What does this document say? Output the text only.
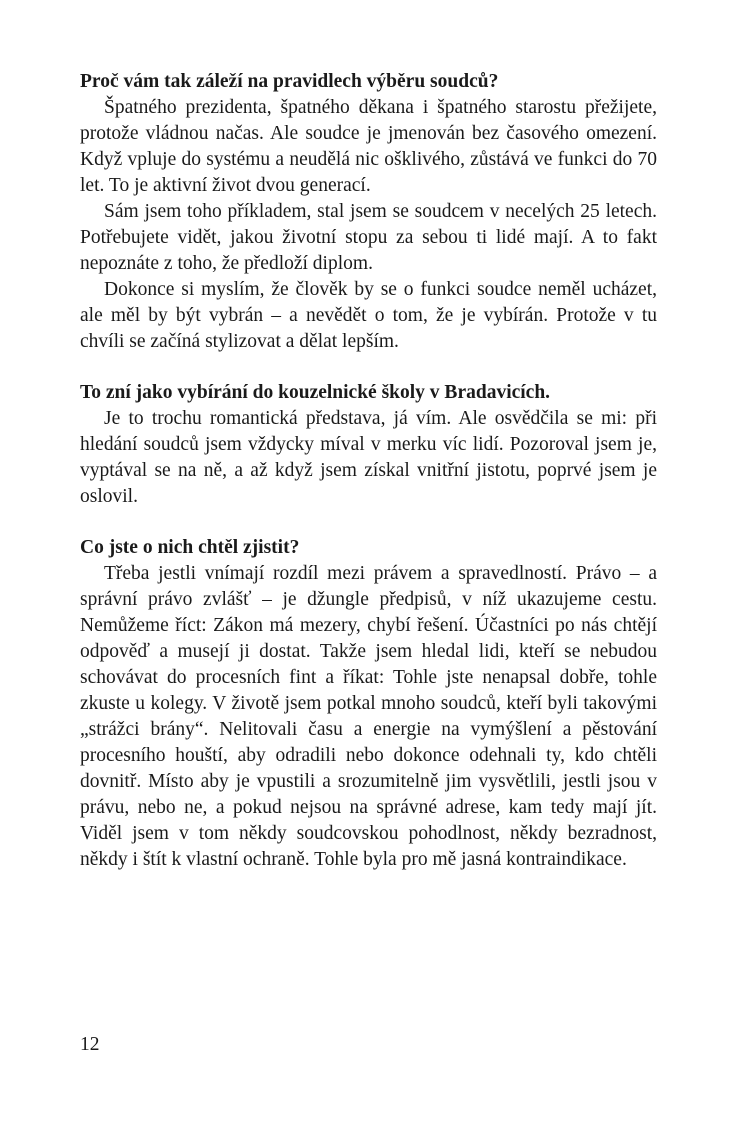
Proč vám tak záleží na pravidlech výběru soudců?

Špatného prezidenta, špatného děkana i špatného starostu přežijete, protože vládnou načas. Ale soudce je jmenován bez časového omezení. Když vpluje do systému a neudělá nic ošklivého, zůstává ve funkci do 70 let. To je aktivní život dvou generací.

Sám jsem toho příkladem, stal jsem se soudcem v necelých 25 letech. Potřebujete vidět, jakou životní stopu za sebou ti lidé mají. A to fakt nepoznáte z toho, že předloží diplom.

Dokonce si myslím, že člověk by se o funkci soudce neměl ucházet, ale měl by být vybrán – a nevědět o tom, že je vybírán. Protože v tu chvíli se začíná stylizovat a dělat lepším.

To zní jako vybírání do kouzelnické školy v Bradavicích.

Je to trochu romantická představa, já vím. Ale osvědčila se mi: při hledání soudců jsem vždycky míval v merku víc lidí. Pozoroval jsem je, vyptával se na ně, a až když jsem získal vnitřní jistotu, poprvé jsem je oslovil.

Co jste o nich chtěl zjistit?

Třeba jestli vnímají rozdíl mezi právem a spravedlností. Právo – a správní právo zvlášť – je džungle předpisů, v níž ukazujeme cestu. Nemůžeme říct: Zákon má mezery, chybí řešení. Účastníci po nás chtějí odpověď a musejí ji dostat. Takže jsem hledal lidi, kteří se nebudou schovávat do procesních fint a říkat: Tohle jste nenapsal dobře, tohle zkuste u kolegy. V životě jsem potkal mnoho soudců, kteří byli takovými „strážci brány“. Nelitovali času a energie na vymýšlení a pěstování procesního houští, aby odradili nebo dokonce odehnali ty, kdo chtěli dovnitř. Místo aby je vpustili a srozumitelně jim vysvětlili, jestli jsou v právu, nebo ne, a pokud nejsou na správné adrese, kam tedy mají jít. Viděl jsem v tom někdy soudcovskou pohodlnost, někdy bezradnost, někdy i štít k vlastní ochraně. Tohle byla pro mě jasná kontraindikace.

12
